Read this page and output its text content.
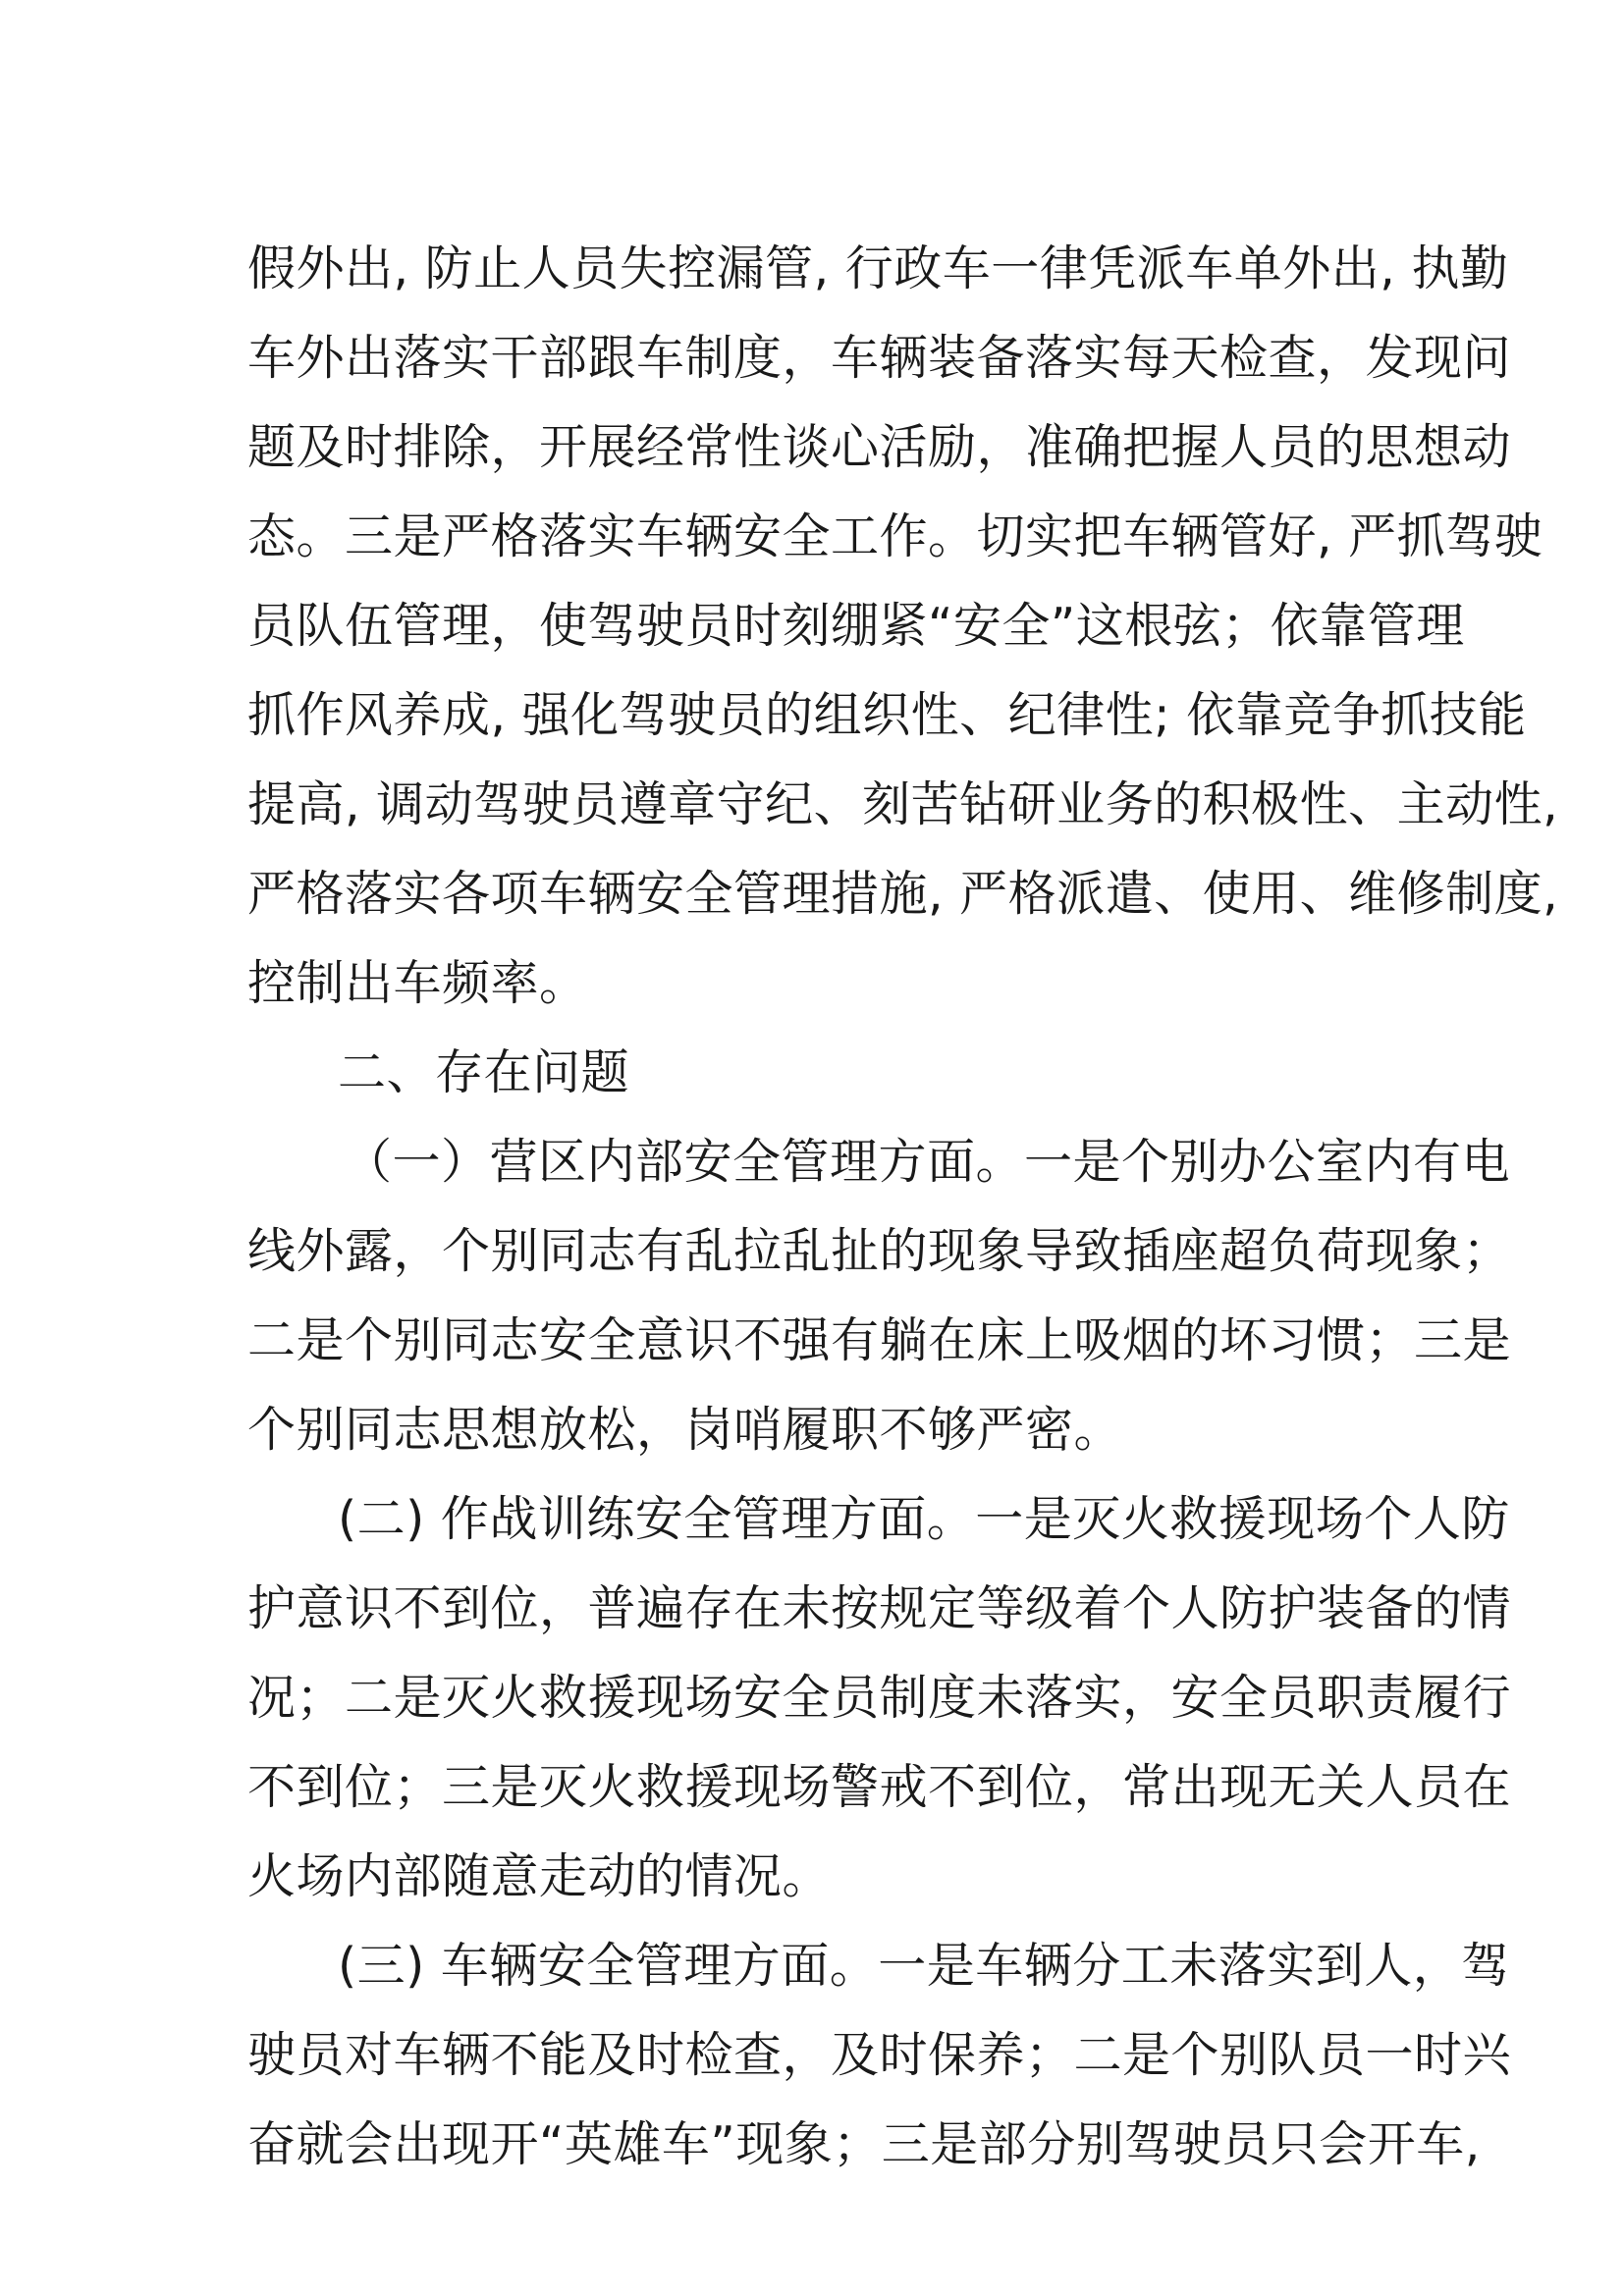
假外出, 防止人员失控漏管, 行政车一律凭派车单外出, 执勤
车外出落实干部跟车制度，车辆装备落实每天检查，发现问
题及时排除，开展经常性谈心活励，准确把握人员的思想动
态。三是严格落实车辆安全工作。切实把车辆管好, 严抓驾驶
员队伍管理，使驾驶员时刻绷紧“安全”这根弦；依靠管理
抓作风养成, 强化驾驶员的组织性、纪律性; 依靠竞争抓技能
提高, 调动驾驶员遵章守纪、刻苦钻研业务的积极性、主动性,
严格落实各项车辆安全管理措施, 严格派遣、使用、维修制度,
控制出车频率。
二、存在问题
（一）营区内部安全管理方面。一是个别办公室内有电
线外露，个别同志有乱拉乱扯的现象导致插座超负荷现象；
二是个别同志安全意识不强有躺在床上吸烟的坏习惯；三是
个别同志思想放松，岗哨履职不够严密。
(二) 作战训练安全管理方面。一是灭火救援现场个人防
护意识不到位，普遍存在未按规定等级着个人防护装备的情
况；二是灭火救援现场安全员制度未落实，安全员职责履行
不到位；三是灭火救援现场警戒不到位，常出现无关人员在
火场内部随意走动的情况。
(三) 车辆安全管理方面。一是车辆分工未落实到人，驾
驶员对车辆不能及时检查，及时保养；二是个别队员一时兴
奋就会出现开“英雄车”现象；三是部分别驾驶员只会开车,
